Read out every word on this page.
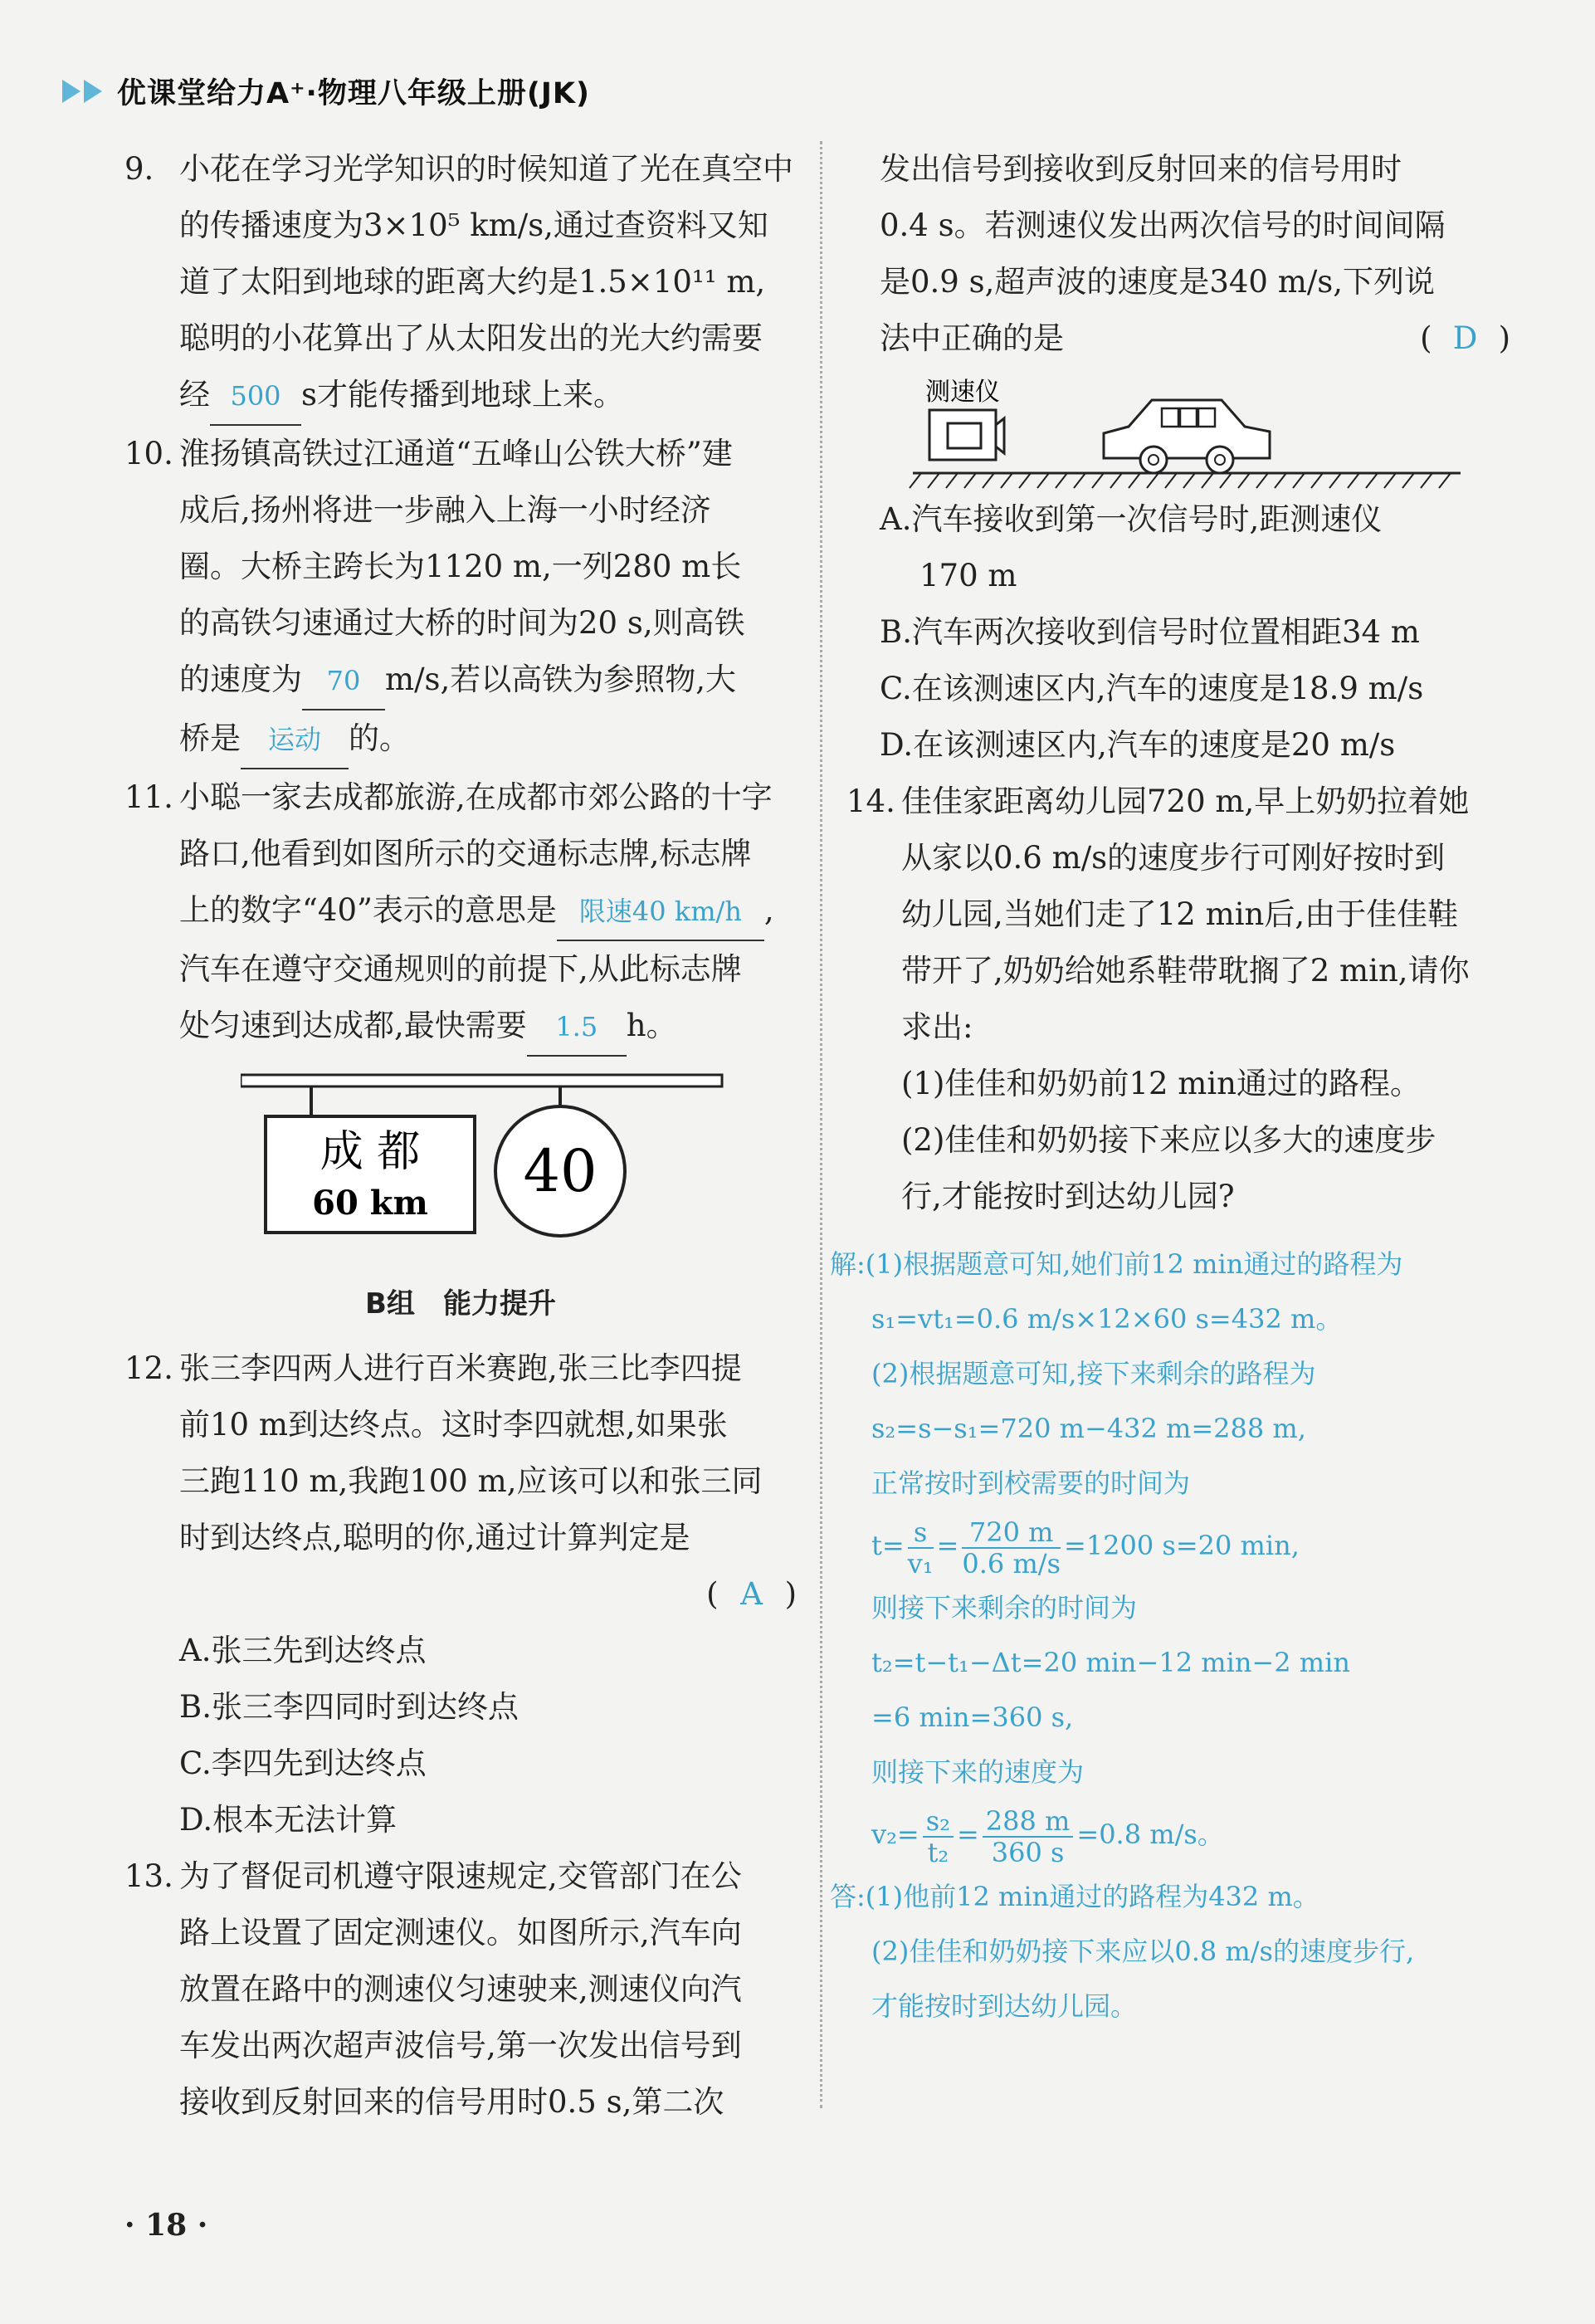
优课堂给力A⁺·物理八年级上册(JK)
9. 小花在学习光学知识的时候知道了光在真空中
的传播速度为3×10⁵ km/s,通过查资料又知
道了太阳到地球的距离大约是1.5×10¹¹ m,
聪明的小花算出了从太阳发出的光大约需要
经 500 s才能传播到地球上来。
10. 淮扬镇高铁过江通道“五峰山公铁大桥”建
成后,扬州将进一步融入上海一小时经济
圈。大桥主跨长为1120 m,一列280 m长
的高铁匀速通过大桥的时间为20 s,则高铁
的速度为 70 m/s,若以高铁为参照物,大
桥是 运动 的。
11. 小聪一家去成都旅游,在成都市郊公路的十字
路口,他看到如图所示的交通标志牌,标志牌
上的数字“40”表示的意思是 限速40 km/h ,
汽车在遵守交通规则的前提下,从此标志牌
处匀速到达成都,最快需要 1.5 h。
成 都
60 km 40
B组　能力提升
12. 张三李四两人进行百米赛跑,张三比李四提
前10 m到达终点。这时李四就想,如果张
三跑110 m,我跑100 m,应该可以和张三同
时到达终点,聪明的你,通过计算判定是
( A )
A.张三先到达终点
B.张三李四同时到达终点
C.李四先到达终点
D.根本无法计算
13. 为了督促司机遵守限速规定,交管部门在公
路上设置了固定测速仪。如图所示,汽车向
放置在路中的测速仪匀速驶来,测速仪向汽
车发出两次超声波信号,第一次发出信号到
接收到反射回来的信号用时0.5 s,第二次
发出信号到接收到反射回来的信号用时
0.4 s。若测速仪发出两次信号的时间间隔
是0.9 s,超声波的速度是340 m/s,下列说
法中正确的是	( D )
测速仪
A.汽车接收到第一次信号时,距测速仪
170 m
B.汽车两次接收到信号时位置相距34 m
C.在该测速区内,汽车的速度是18.9 m/s
D.在该测速区内,汽车的速度是20 m/s
14. 佳佳家距离幼儿园720 m,早上奶奶拉着她
从家以0.6 m/s的速度步行可刚好按时到
幼儿园,当她们走了12 min后,由于佳佳鞋
带开了,奶奶给她系鞋带耽搁了2 min,请你
求出:
(1)佳佳和奶奶前12 min通过的路程。
(2)佳佳和奶奶接下来应以多大的速度步
行,才能按时到达幼儿园?
解:(1)根据题意可知,她们前12 min通过的路程为
s₁=vt₁=0.6 m/s×12×60 s=432 m。
(2)根据题意可知,接下来剩余的路程为
s₂=s−s₁=720 m−432 m=288 m,
正常按时到校需要的时间为
$t= \frac{s}{\text{v₁}} = \frac{720 m}{0.6 m/s} =1200$ s=20 min,
则接下来剩余的时间为
t₂=t−t₁−Δt=20 min−12 min−2 min
=6 min=360 s,
则接下来的速度为
$v_2= \frac{\text{s₂}}{\text{t₂}} = \frac{288 m}{360 s} =0.8$ m/s。
答:(1)他前12 min通过的路程为432 m。
(2)佳佳和奶奶接下来应以0.8 m/s的速度步行,
才能按时到达幼儿园。
· 18 ·
